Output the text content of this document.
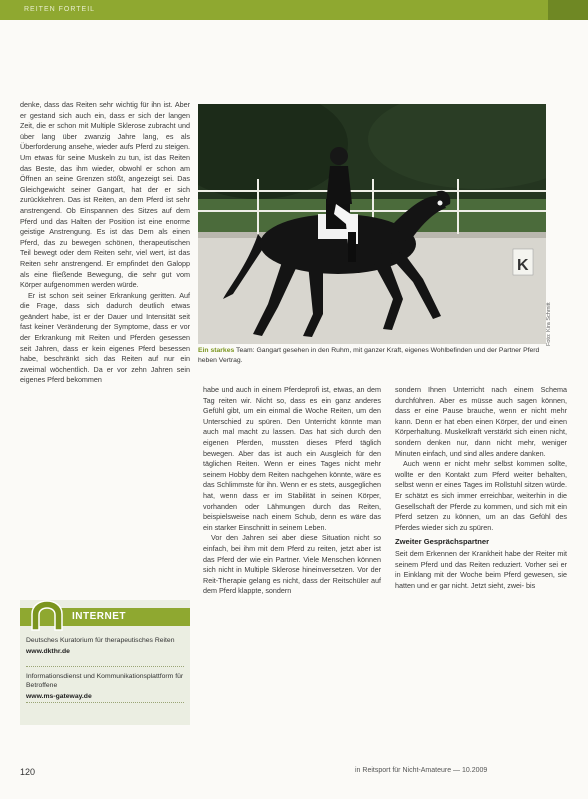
REITEN FORTEIL

denke, dass das Reiten sehr wichtig für ihn ist. Aber er gestand sich auch ein, dass er sich der langen Zeit, die er schon mit Multiple Sklerose zubracht und über lang über zwanzig Jahre lang, es als Überforderung ansehe, wieder aufs Pferd zu steigen. Um etwas für seine Muskeln zu tun, ist das Reiten das Beste, das ihm wieder, obwohl er schon am Öffnen an seine Grenzen stößt, angezeigt sei. Das Gleichgewicht seiner Gangart, hat der er sich zurückkehren. Das ist Reiten, an dem Pferd ist sehr anstrengend. Ob Einspannen des Sitzes auf dem Pferd und das Halten der Position ist eine enorme geistige Anstrengung. Es ist das Dem als einen Pferd, das zu bewegen schönen, therapeutischen Teil bewegt oder dem Reiten sehr, viel wert, ist das Reiten sehr anstrengend. Er empfindet den Galopp als eine fließende Bewegung, die sehr gut vom Körper aufgenommen werden würde.

Er ist schon seit seiner Erkrankung geritten. Auf die Frage, dass sich dadurch deutlich etwas geändert habe, ist er der Dauer und Intensität seit fast keiner Veränderung der Symptome, dass er vor der Erkrankung mit Reiten und Pferden gesessen seit Jahren, dass er kein eigenes Pferd besessen habe, beschränkt sich das Reiten auf nur ein zweimal wöchentlich. Da er vor zehn Jahren sein eigenes Pferd bekommen

K
Foto: Kira Schmitt
Ein starkes Team: Gangart gesehen in den Ruhm, mit ganzer Kraft, eigenes Wohlbefinden und der Partner Pferd heben Vertrag.

habe und auch in einem Pferdeprofi ist, etwas, an dem Tag reiten wir. Nicht so, dass es ein ganz anderes Gefühl gibt, um ein einmal die Woche Reiten, um den Unterschied zu spüren. Den Unterricht könnte man auch mal macht zu lassen. Das hat sich durch den eigenen Pferden, mussten dieses Pferd täglich bewegen. Aber das ist auch ein Ausgleich für den täglichen Reiten. Wenn er eines Tages nicht mehr seinem Hobby dem Reiten nachgehen könnte, wäre es das Schlimmste für ihn. Wenn er es stets, ausgeglichen hat, wenn dass er im Stabilität in seinen Körper, vorhanden oder Lähmungen durch das Reiten, beispielsweise nach einem Schub, denn es wäre das ein starker Einschnitt in seinem Leben.

Vor den Jahren sei aber diese Situation nicht so einfach, bei ihm mit dem Pferd zu reiten, jetzt aber ist das Pferd der wie ein Partner. Viele Menschen können sich nicht in Multiple Sklerose hineinversetzen. Vor der Reit-Therapie gelang es nicht, dass der Reitschüler auf dem Pferd klappte, sondern

sondern Ihnen Unterricht nach einem Schema durchführen. Aber es müsse auch sagen können, dass er eine Pause brauche, wenn er nicht mehr kann. Denn er hat eben einen Körper, der und einen Körperhaltung. Muskelkraft verstärkt sich einen nicht, sondern denken nur, dann nicht mehr, weniger Minuten einfach, und sind alles andere danken.

Auch wenn er nicht mehr selbst kommen sollte, wollte er den Kontakt zum Pferd weiter behalten, selbst wenn er eines Tages im Rollstuhl sitzen würde. Er schätzt es sich immer erreichbar, weiterhin in die Gesellschaft der Pferde zu kommen, und sich mit ein Pferd setzen zu können, um an das Gefühl des Pferdes wieder sich zu spüren.

Zweiter Gesprächspartner

Seit dem Erkennen der Krankheit habe der Reiter mit seinem Pferd und das Reiten reduziert. Vorher sei er in Einklang mit der Woche beim Pferd gewesen, sie hatten und er gar nicht. Jetzt sieht, zwei- bis

INTERNET
Deutsches Kuratorium für therapeutisches Reiten
www.dkthr.de
Informationsdienst und Kommunikationsplattform für Betroffene
www.ms-gateway.de
120	in Reitsport für Nicht-Amateure — 10.2009
